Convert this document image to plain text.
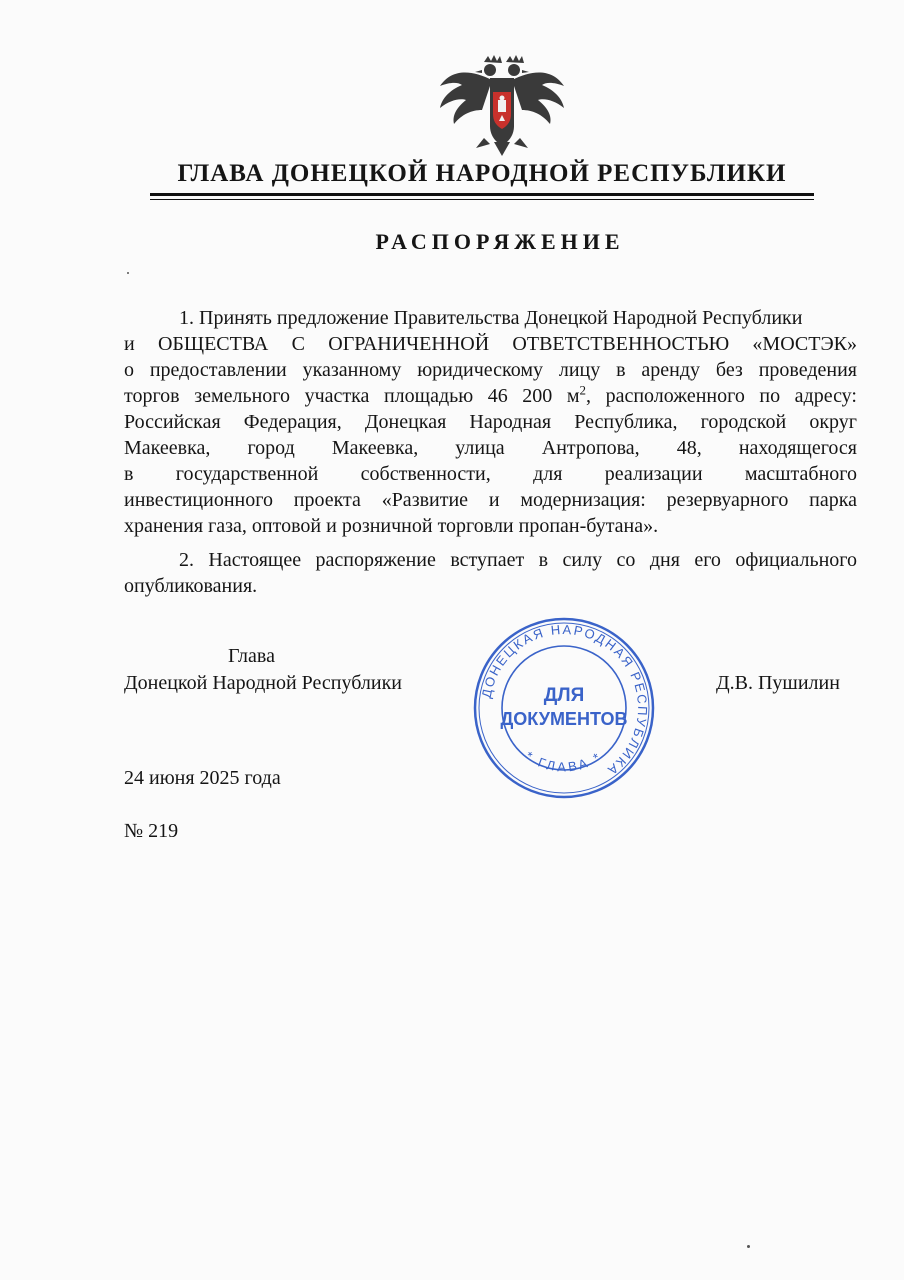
ГЛАВА ДОНЕЦКОЙ НАРОДНОЙ РЕСПУБЛИКИ
РАСПОРЯЖЕНИЕ
1. Принять предложение Правительства Донецкой Народной Республики
и ОБЩЕСТВА С ОГРАНИЧЕННОЙ ОТВЕТСТВЕННОСТЬЮ «МОСТЭК»
о предоставлении указанному юридическому лицу в аренду без проведения
торгов земельного участка площадью 46 200 $м^2$, расположенного по адресу:
Российская Федерация, Донецкая Народная Республика, городской округ
Макеевка, город Макеевка, улица Антропова, 48, находящегося
в государственной собственности, для реализации масштабного
инвестиционного проекта «Развитие и модернизация: резервуарного парка
хранения газа, оптовой и розничной торговли пропан-бутана».
2. Настоящее распоряжение вступает в силу со дня его официального
опубликования.
Глава
Донецкой Народной Республики	ДОНЕЦКАЯ НАРОДНАЯ РЕСПУБЛИКА
* ГЛАВА *
ДЛЯ
ДОКУМЕНТОВ
Д.В. Пушилин
24 июня 2025 года
№ 219
